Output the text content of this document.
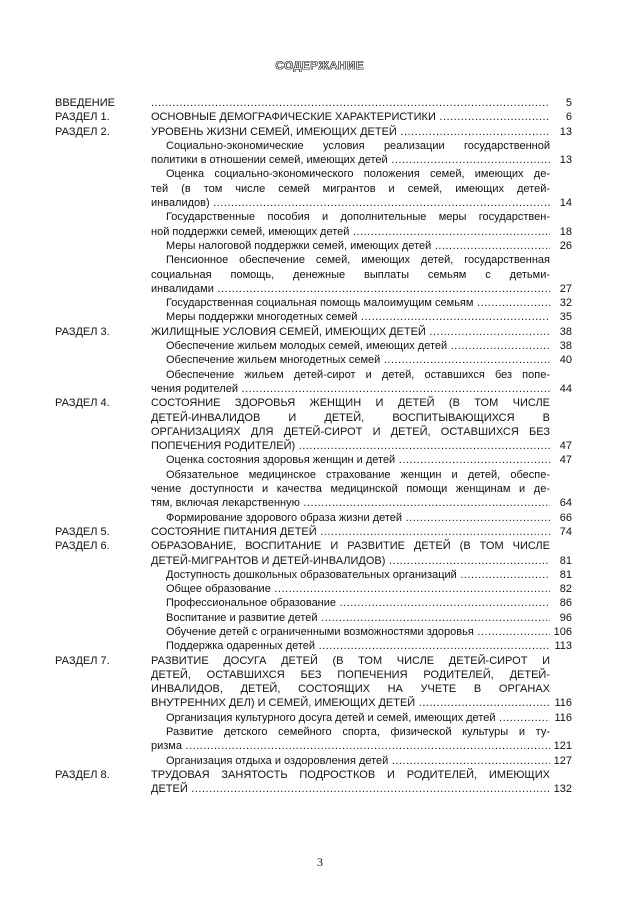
СОДЕРЖАНИЕ
ВВЕДЕНИЕ .....	5
РАЗДЕЛ 1.	ОСНОВНЫЕ ДЕМОГРАФИЧЕСКИЕ ХАРАКТЕРИСТИКИ .....	6
РАЗДЕЛ 2.	УРОВЕНЬ ЖИЗНИ СЕМЕЙ, ИМЕЮЩИХ ДЕТЕЙ .....	13
Социально-экономические условия реализации государственной
политики в отношении семей, имеющих детей .....	13
Оценка социально-экономического положения семей, имеющих де-
тей (в том числе семей мигрантов и семей, имеющих детей-
инвалидов) .....	14
Государственные пособия и дополнительные меры государствен-
ной поддержки семей, имеющих детей .....	18
Меры налоговой поддержки семей, имеющих детей .....	26
Пенсионное обеспечение семей, имеющих детей, государственная
социальная помощь, денежные выплаты семьям с детьми-
инвалидами .....	27
Государственная социальная помощь малоимущим семьям .....	32
Меры поддержки многодетных семей .....	35
РАЗДЕЛ 3.	ЖИЛИЩНЫЕ УСЛОВИЯ СЕМЕЙ, ИМЕЮЩИХ ДЕТЕЙ .....	38
Обеспечение жильем молодых семей, имеющих детей .....	38
Обеспечение жильем многодетных семей .....	40
Обеспечение жильем детей-сирот и детей, оставшихся без попе-
чения родителей .....	44
РАЗДЕЛ 4.	СОСТОЯНИЕ ЗДОРОВЬЯ ЖЕНЩИН И ДЕТЕЙ (В ТОМ ЧИСЛЕ
ДЕТЕЙ-ИНВАЛИДОВ И ДЕТЕЙ, ВОСПИТЫВАЮЩИХСЯ В
ОРГАНИЗАЦИЯХ ДЛЯ ДЕТЕЙ-СИРОТ И ДЕТЕЙ, ОСТАВШИХСЯ БЕЗ
ПОПЕЧЕНИЯ РОДИТЕЛЕЙ) .....	47
Оценка состояния здоровья женщин и детей .....	47
Обязательное медицинское страхование женщин и детей, обеспе-
чение доступности и качества медицинской помощи женщинам и де-
тям, включая лекарственную .....	64
Формирование здорового образа жизни детей .....	66
РАЗДЕЛ 5.	СОСТОЯНИЕ ПИТАНИЯ ДЕТЕЙ .....	74
РАЗДЕЛ 6.	ОБРАЗОВАНИЕ, ВОСПИТАНИЕ И РАЗВИТИЕ ДЕТЕЙ (В ТОМ ЧИСЛЕ
ДЕТЕЙ-МИГРАНТОВ И ДЕТЕЙ-ИНВАЛИДОВ) .....	81
Доступность дошкольных образовательных организаций .....	81
Общее образование .....	82
Профессиональное образование .....	86
Воспитание и развитие детей .....	96
Обучение детей с ограниченными возможностями здоровья .....	106
Поддержка одаренных детей .....	113
РАЗДЕЛ 7.	РАЗВИТИЕ ДОСУГА ДЕТЕЙ (В ТОМ ЧИСЛЕ ДЕТЕЙ-СИРОТ И
ДЕТЕЙ, ОСТАВШИХСЯ БЕЗ ПОПЕЧЕНИЯ РОДИТЕЛЕЙ, ДЕТЕЙ-
ИНВАЛИДОВ, ДЕТЕЙ, СОСТОЯЩИХ НА УЧЕТЕ В ОРГАНАХ
ВНУТРЕННИХ ДЕЛ) И СЕМЕЙ, ИМЕЮЩИХ ДЕТЕЙ .....	116
Организация культурного досуга детей и семей, имеющих детей .....	116
Развитие детского семейного спорта, физической культуры и ту-
ризма .....	121
Организация отдыха и оздоровления детей .....	127
РАЗДЕЛ 8.	ТРУДОВАЯ ЗАНЯТОСТЬ ПОДРОСТКОВ И РОДИТЕЛЕЙ, ИМЕЮЩИХ
ДЕТЕЙ .....	132
3
